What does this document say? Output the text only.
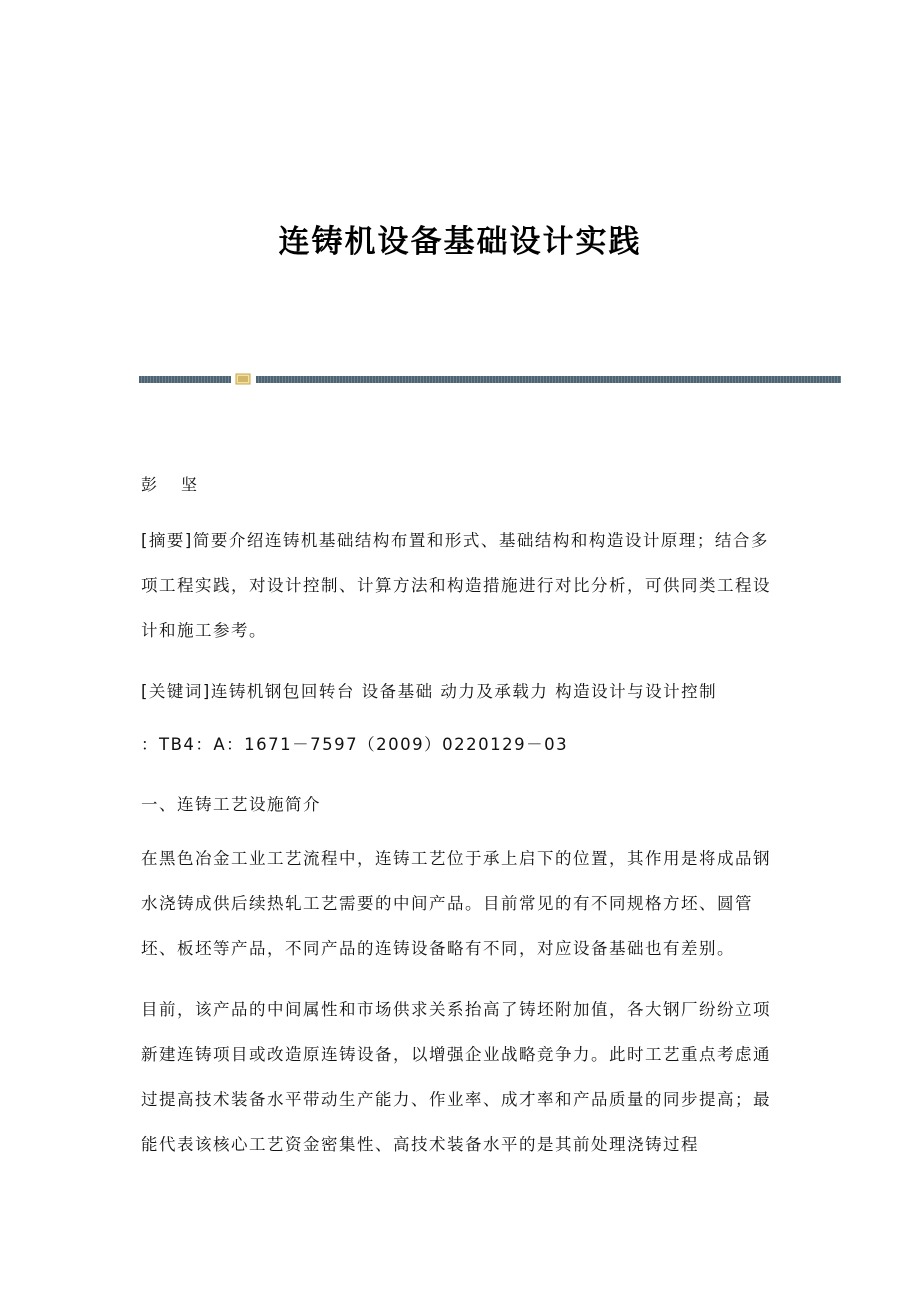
连铸机设备基础设计实践

彭　坚

[摘要]简要介绍连铸机基础结构布置和形式、基础结构和构造设计原理；结合多项工程实践，对设计控制、计算方法和构造措施进行对比分析，可供同类工程设计和施工参考。

[关键词]连铸机钢包回转台 设备基础 动力及承载力 构造设计与设计控制

：TB4：A：1671－7597（2009）0220129－03

一、连铸工艺设施简介

在黑色冶金工业工艺流程中，连铸工艺位于承上启下的位置，其作用是将成品钢水浇铸成供后续热轧工艺需要的中间产品。目前常见的有不同规格方坯、圆管坯、板坯等产品，不同产品的连铸设备略有不同，对应设备基础也有差别。

目前，该产品的中间属性和市场供求关系抬高了铸坯附加值，各大钢厂纷纷立项新建连铸项目或改造原连铸设备，以增强企业战略竞争力。此时工艺重点考虑通过提高技术装备水平带动生产能力、作业率、成才率和产品质量的同步提高；最能代表该核心工艺资金密集性、高技术装备水平的是其前处理浇铸过程
